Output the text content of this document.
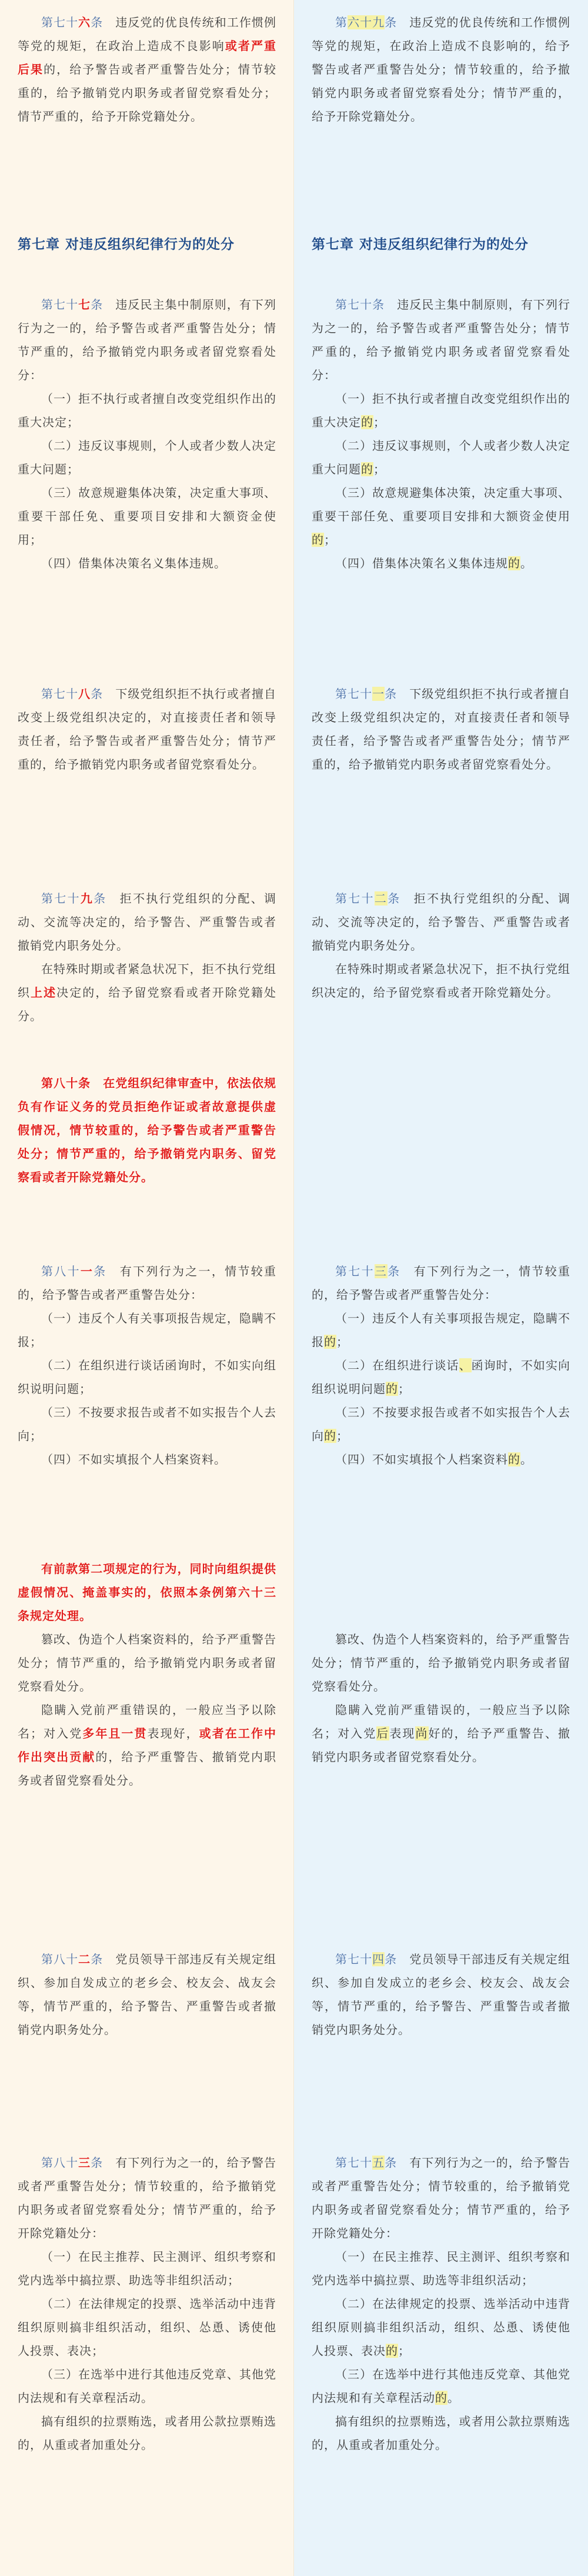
第七十六条　违反党的优良传统和工作惯例等党的规矩，在政治上造成不良影响或者严重后果的，给予警告或者严重警告处分；情节较重的，给予撤销党内职务或者留党察看处分；情节严重的，给予开除党籍处分。

第七章 对违反组织纪律行为的处分

第七十七条　违反民主集中制原则，有下列行为之一的，给予警告或者严重警告处分；情节严重的，给予撤销党内职务或者留党察看处分：

（一）拒不执行或者擅自改变党组织作出的重大决定；

（二）违反议事规则，个人或者少数人决定重大问题；

（三）故意规避集体决策，决定重大事项、重要干部任免、重要项目安排和大额资金使用；

（四）借集体决策名义集体违规。

第七十八条　下级党组织拒不执行或者擅自改变上级党组织决定的，对直接责任者和领导责任者，给予警告或者严重警告处分；情节严重的，给予撤销党内职务或者留党察看处分。

第七十九条　拒不执行党组织的分配、调动、交流等决定的，给予警告、严重警告或者撤销党内职务处分。

在特殊时期或者紧急状况下，拒不执行党组织上述决定的，给予留党察看或者开除党籍处分。

第八十条　在党组织纪律审查中，依法依规负有作证义务的党员拒绝作证或者故意提供虚假情况，情节较重的，给予警告或者严重警告处分；情节严重的，给予撤销党内职务、留党察看或者开除党籍处分。

第八十一条　有下列行为之一，情节较重的，给予警告或者严重警告处分：

（一）违反个人有关事项报告规定，隐瞒不报；

（二）在组织进行谈话函询时，不如实向组织说明问题；

（三）不按要求报告或者不如实报告个人去向；

（四）不如实填报个人档案资料。

有前款第二项规定的行为，同时向组织提供虚假情况、掩盖事实的，依照本条例第六十三条规定处理。

篡改、伪造个人档案资料的，给予严重警告处分；情节严重的，给予撤销党内职务或者留党察看处分。

隐瞒入党前严重错误的，一般应当予以除名；对入党多年且一贯表现好，或者在工作中作出突出贡献的，给予严重警告、撤销党内职务或者留党察看处分。

第八十二条　党员领导干部违反有关规定组织、参加自发成立的老乡会、校友会、战友会等，情节严重的，给予警告、严重警告或者撤销党内职务处分。

第八十三条　有下列行为之一的，给予警告或者严重警告处分；情节较重的，给予撤销党内职务或者留党察看处分；情节严重的，给予开除党籍处分：

（一）在民主推荐、民主测评、组织考察和党内选举中搞拉票、助选等非组织活动；

（二）在法律规定的投票、选举活动中违背组织原则搞非组织活动，组织、怂恿、诱使他人投票、表决；

（三）在选举中进行其他违反党章、其他党内法规和有关章程活动。

搞有组织的拉票贿选，或者用公款拉票贿选的，从重或者加重处分。

第六十九条　违反党的优良传统和工作惯例等党的规矩，在政治上造成不良影响的，给予警告或者严重警告处分；情节较重的，给予撤销党内职务或者留党察看处分；情节严重的，给予开除党籍处分。

第七章 对违反组织纪律行为的处分

第七十条　违反民主集中制原则，有下列行为之一的，给予警告或者严重警告处分；情节严重的，给予撤销党内职务或者留党察看处分：

（一）拒不执行或者擅自改变党组织作出的重大决定的；

（二）违反议事规则，个人或者少数人决定重大问题的；

（三）故意规避集体决策，决定重大事项、重要干部任免、重要项目安排和大额资金使用的；

（四）借集体决策名义集体违规的。

第七十一条　下级党组织拒不执行或者擅自改变上级党组织决定的，对直接责任者和领导责任者，给予警告或者严重警告处分；情节严重的，给予撤销党内职务或者留党察看处分。

第七十二条　拒不执行党组织的分配、调动、交流等决定的，给予警告、严重警告或者撤销党内职务处分。

在特殊时期或者紧急状况下，拒不执行党组织决定的，给予留党察看或者开除党籍处分。

第七十三条　有下列行为之一，情节较重的，给予警告或者严重警告处分：

（一）违反个人有关事项报告规定，隐瞒不报的；

（二）在组织进行谈话、函询时，不如实向组织说明问题的；

（三）不按要求报告或者不如实报告个人去向的；

（四）不如实填报个人档案资料的。

篡改、伪造个人档案资料的，给予严重警告处分；情节严重的，给予撤销党内职务或者留党察看处分。

隐瞒入党前严重错误的，一般应当予以除名；对入党后表现尚好的，给予严重警告、撤销党内职务或者留党察看处分。

第七十四条　党员领导干部违反有关规定组织、参加自发成立的老乡会、校友会、战友会等，情节严重的，给予警告、严重警告或者撤销党内职务处分。

第七十五条　有下列行为之一的，给予警告或者严重警告处分；情节较重的，给予撤销党内职务或者留党察看处分；情节严重的，给予开除党籍处分：

（一）在民主推荐、民主测评、组织考察和党内选举中搞拉票、助选等非组织活动；

（二）在法律规定的投票、选举活动中违背组织原则搞非组织活动，组织、怂恿、诱使他人投票、表决的；

（三）在选举中进行其他违反党章、其他党内法规和有关章程活动的。

搞有组织的拉票贿选，或者用公款拉票贿选的，从重或者加重处分。
